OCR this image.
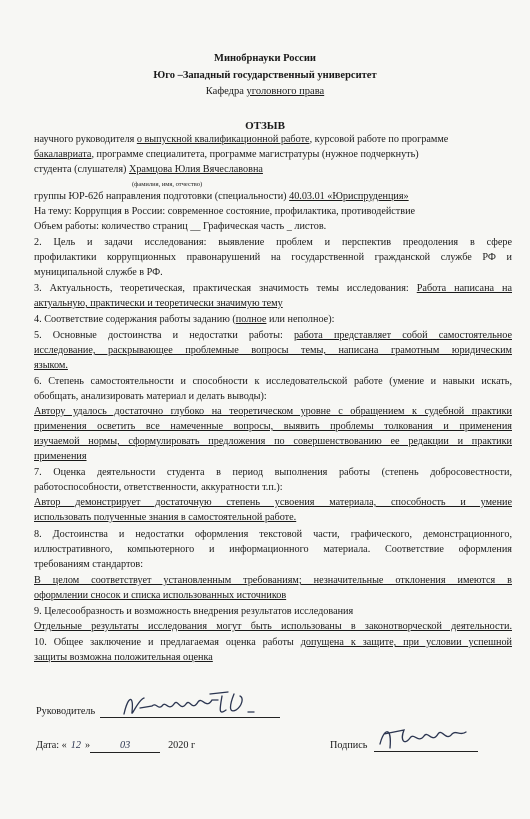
Минобрнауки России
Юго –Западный государственный университет
Кафедра уголовного права
ОТЗЫВ
научного руководителя о выпускной квалификационной работе, курсовой работе по программе
бакалавриата, программе специалитета, программе магистратуры (нужное подчеркнуть)
студента (слушателя) Храмцова Юлия Вячеславовна
(фамилия, имя, отчество)
группы ЮР-62б направления подготовки (специальности) 40.03.01 «Юриспруденция»
На тему: Коррупция в России: современное состояние, профилактика, противодействие
Объем работы: количество страниц __ Графическая часть _ листов.
2. Цель и задачи исследования: выявление проблем и перспектив преодоления в сфере
профилактики коррупционных правонарушений на государственной гражданской службе РФ и
муниципальной службе в РФ.
3. Актуальность, теоретическая, практическая значимость темы исследования: Работа написана на
актуальную, практически и теоретически значимую тему
4. Соответствие содержания работы заданию (полное или неполное):
5. Основные достоинства и недостатки работы: работа представляет собой самостоятельное
исследование, раскрывающее проблемные вопросы темы, написана грамотным юридическим
языком.
6. Степень самостоятельности и способности к исследовательской работе (умение и навыки искать,
обобщать, анализировать материал и делать выводы):
Автору удалось достаточно глубоко на теоретическом уровне с обращением к судебной практики
применения осветить все намеченные вопросы, выявить проблемы толкования и применения
изучаемой нормы, сформулировать предложения по совершенствованию ее редакции и практики
применения
7. Оценка деятельности студента в период выполнения работы (степень добросовестности,
работоспособности, ответственности, аккуратности т.п.):
Автор демонстрирует достаточную степень усвоения материала, способность и умение
использовать полученные знания в самостоятельной работе.
8. Достоинства и недостатки оформления текстовой части, графического, демонстрационного,
иллюстративного, компьютерного и информационного материала. Соответствие оформления
требованиям стандартов:
В целом соответствует установленным требованиям; незначительные отклонения имеются в
оформлении сносок и списка использованных источников
9. Целесообразность и возможность внедрения результатов исследования
Отдельные результаты исследования могут быть использованы в законотворческой деятельности.
10. Общее заключение и предлагаемая оценка работы допущена к защите, при условии успешной
защиты возможна положительная оценка
Руководитель
Дата: « 12 »	03	2020 г	Подпись
